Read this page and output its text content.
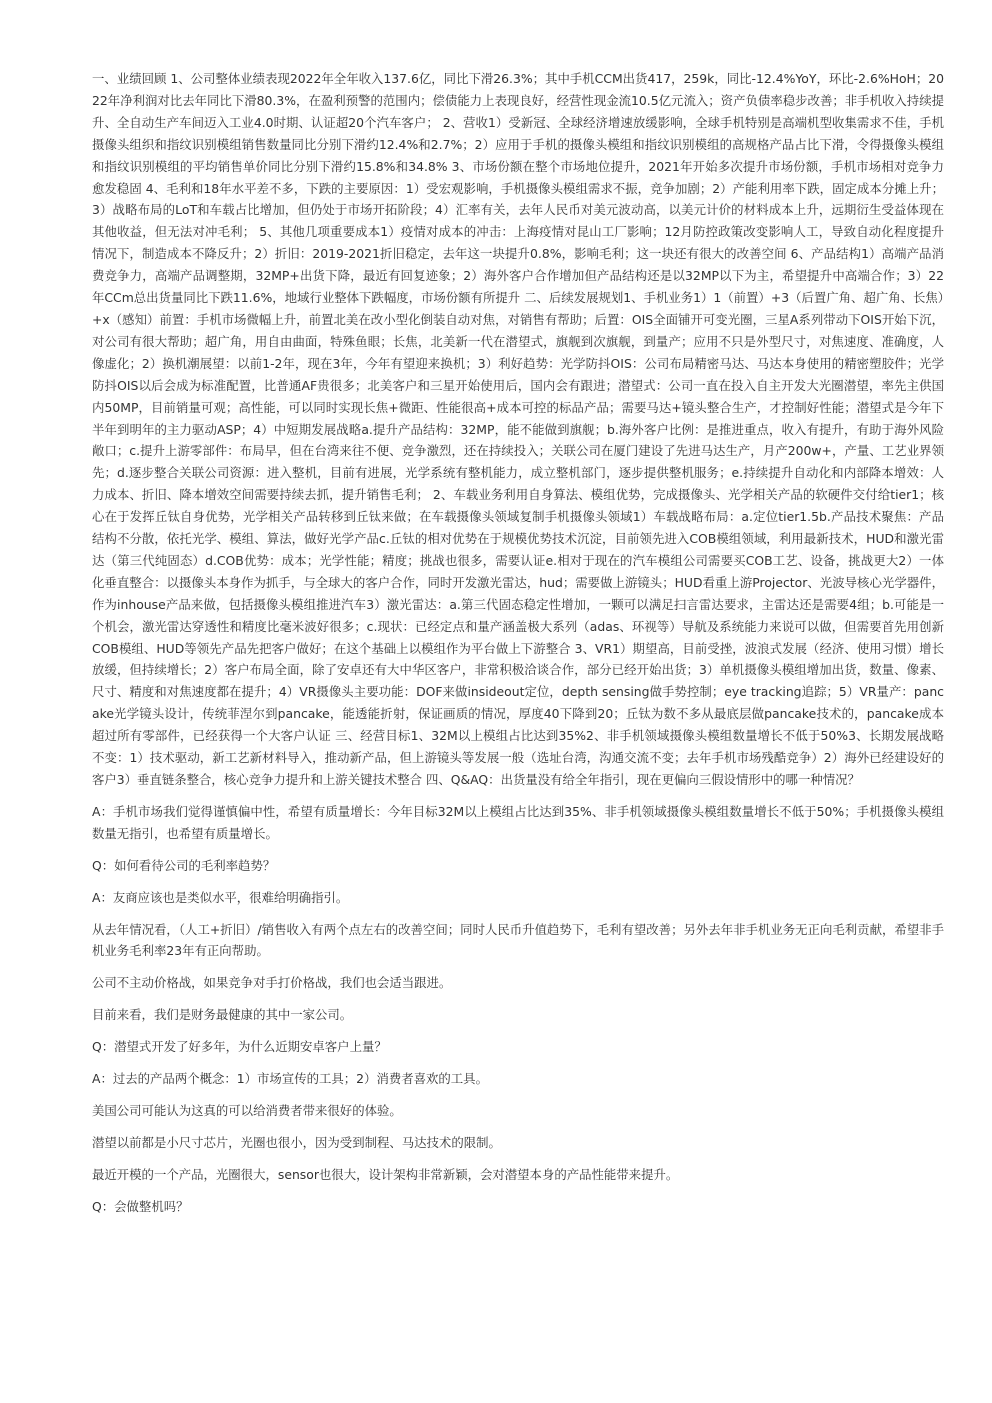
一、业绩回顾 1、公司整体业绩表现2022年全年收入137.6亿，同比下滑26.3%；其中手机CCM出货417，259k，同比-12.4%YoY，环比-2.6%HoH；2022年净利润对比去年同比下滑80.3%，在盈利预警的范围内；偿债能力上表现良好，经营性现金流10.5亿元流入；资产负债率稳步改善；非手机收入持续提升、全自动生产车间迈入工业4.0时期、认证超20个汽车客户； 2、营收1）受新冠、全球经济增速放缓影响，全球手机特别是高端机型收集需求不佳，手机摄像头组织和指纹识别模组销售数量同比分别下滑约12.4%和2.7%；2）应用于手机的摄像头模组和指纹识别模组的高规格产品占比下滑，令得摄像头模组和指纹识别模组的平均销售单价同比分别下滑约15.8%和34.8% 3、市场份额在整个市场地位提升，2021年开始多次提升市场份额，手机市场相对竞争力愈发稳固 4、毛利和18年水平差不多，下跌的主要原因：1）受宏观影响，手机摄像头模组需求不振，竞争加剧；2）产能利用率下跌，固定成本分摊上升；3）战略布局的LoT和车载占比增加，但仍处于市场开拓阶段；4）汇率有关，去年人民币对美元波动高，以美元计价的材料成本上升，远期衍生受益体现在其他收益，但无法对冲毛利； 5、其他几项重要成本1）疫情对成本的冲击：上海疫情对昆山工厂影响；12月防控政策改变影响人工，导致自动化程度提升情况下，制造成本不降反升；2）折旧：2019-2021折旧稳定，去年这一块提升0.8%，影响毛利；这一块还有很大的改善空间 6、产品结构1）高端产品消费竞争力，高端产品调整期，32MP+出货下降，最近有回复迹象；2）海外客户合作增加但产品结构还是以32MP以下为主，希望提升中高端合作；3）22年CCm总出货量同比下跌11.6%，地域行业整体下跌幅度，市场份额有所提升 二、后续发展规划1、手机业务1）1（前置）+3（后置广角、超广角、长焦）+x（感知）前置：手机市场微幅上升，前置北美在改小型化倒装自动对焦，对销售有帮助；后置：OIS全面铺开可变光圈，三星A系列带动下OIS开始下沉，对公司有很大帮助；超广角，用自由曲面，特殊鱼眼；长焦，北美新一代在潜望式，旗舰到次旗舰，到量产；应用不只是外型尺寸，对焦速度、准确度，人像虚化；2）换机潮展望：以前1-2年，现在3年，今年有望迎来换机；3）利好趋势：光学防抖OIS：公司布局精密马达、马达本身使用的精密塑胶件；光学防抖OIS以后会成为标准配置，比普通AF贵很多；北美客户和三星开始使用后，国内会有跟进；潜望式：公司一直在投入自主开发大光圈潜望，率先主供国内50MP，目前销量可观；高性能，可以同时实现长焦+微距、性能很高+成本可控的标品产品；需要马达+镜头整合生产，才控制好性能；潜望式是今年下半年到明年的主力驱动ASP；4）中短期发展战略a.提升产品结构：32MP，能不能做到旗舰；b.海外客户比例：是推进重点，收入有提升，有助于海外风险敞口；c.提升上游零部件：布局早，但在台湾来往不便、竞争激烈，还在持续投入；关联公司在厦门建设了先进马达生产，月产200w+，产量、工艺业界领先；d.逐步整合关联公司资源：进入整机，目前有进展，光学系统有整机能力，成立整机部门，逐步提供整机服务；e.持续提升自动化和内部降本增效：人力成本、折旧、降本增效空间需要持续去抓，提升销售毛利； 2、车载业务利用自身算法、模组优势，完成摄像头、光学相关产品的软硬件交付给tier1；核心在于发挥丘钛自身优势，光学相关产品转移到丘钛来做；在车载摄像头领域复制手机摄像头领域1）车载战略布局：a.定位tier1.5b.产品技术聚焦：产品结构不分散，依托光学、模组、算法，做好光学产品c.丘钛的相对优势在于规模优势技术沉淀，目前领先进入COB模组领域，利用最新技术，HUD和激光雷达（第三代纯固态）d.COB优势：成本；光学性能；精度；挑战也很多，需要认证e.相对于现在的汽车模组公司需要买COB工艺、设备，挑战更大2）一体化垂直整合：以摄像头本身作为抓手，与全球大的客户合作，同时开发激光雷达，hud；需要做上游镜头；HUD看重上游Projector、光波导核心光学器件，作为inhouse产品来做，包括摄像头模组推进汽车3）激光雷达：a.第三代固态稳定性增加，一颗可以满足扫言雷达要求，主雷达还是需要4组；b.可能是一个机会，激光雷达穿透性和精度比毫米波好很多；c.现状：已经定点和量产涵盖极大系列（adas、环视等）导航及系统能力来说可以做，但需要首先用创新COB模组、HUD等领先产品先把客户做好；在这个基础上以模组作为平台做上下游整合 3、VR1）期望高，目前受挫，波浪式发展（经济、使用习惯）增长放缓，但持续增长；2）客户布局全面，除了安卓还有大中华区客户，非常积极洽谈合作，部分已经开始出货；3）单机摄像头模组增加出货，数量、像素、尺寸、精度和对焦速度都在提升；4）VR摄像头主要功能：DOF来做insideout定位，depth sensing做手势控制；eye tracking追踪；5）VR量产：pancake光学镜头设计，传统菲涅尔到pancake，能透能折射，保证画质的情况，厚度40下降到20；丘钛为数不多从最底层做pancake技术的，pancake成本超过所有零部件，已经获得一个大客户认证 三、经营目标1、32M以上模组占比达到35%2、非手机领域摄像头模组数量增长不低于50%3、长期发展战略不变：1）技术驱动，新工艺新材料导入，推动新产品，但上游镜头等发展一般（选址台湾，沟通交流不变；去年手机市场残酷竞争）2）海外已经建设好的客户3）垂直链条整合，核心竞争力提升和上游关键技术整合 四、Q&AQ：出货量没有给全年指引，现在更偏向三假设情形中的哪一种情况？

A：手机市场我们觉得谨慎偏中性，希望有质量增长：今年目标32M以上模组占比达到35%、非手机领域摄像头模组数量增长不低于50%；手机摄像头模组数量无指引，也希望有质量增长。

Q：如何看待公司的毛利率趋势？

A：友商应该也是类似水平，很难给明确指引。

从去年情况看，（人工+折旧）/销售收入有两个点左右的改善空间；同时人民币升值趋势下，毛利有望改善；另外去年非手机业务无正向毛利贡献，希望非手机业务毛利率23年有正向帮助。

公司不主动价格战，如果竞争对手打价格战，我们也会适当跟进。

目前来看，我们是财务最健康的其中一家公司。

Q：潜望式开发了好多年，为什么近期安卓客户上量？

A：过去的产品两个概念：1）市场宣传的工具；2）消费者喜欢的工具。

美国公司可能认为这真的可以给消费者带来很好的体验。

潜望以前都是小尺寸芯片，光圈也很小，因为受到制程、马达技术的限制。

最近开模的一个产品，光圈很大，sensor也很大，设计架构非常新颖，会对潜望本身的产品性能带来提升。

Q：会做整机吗？
